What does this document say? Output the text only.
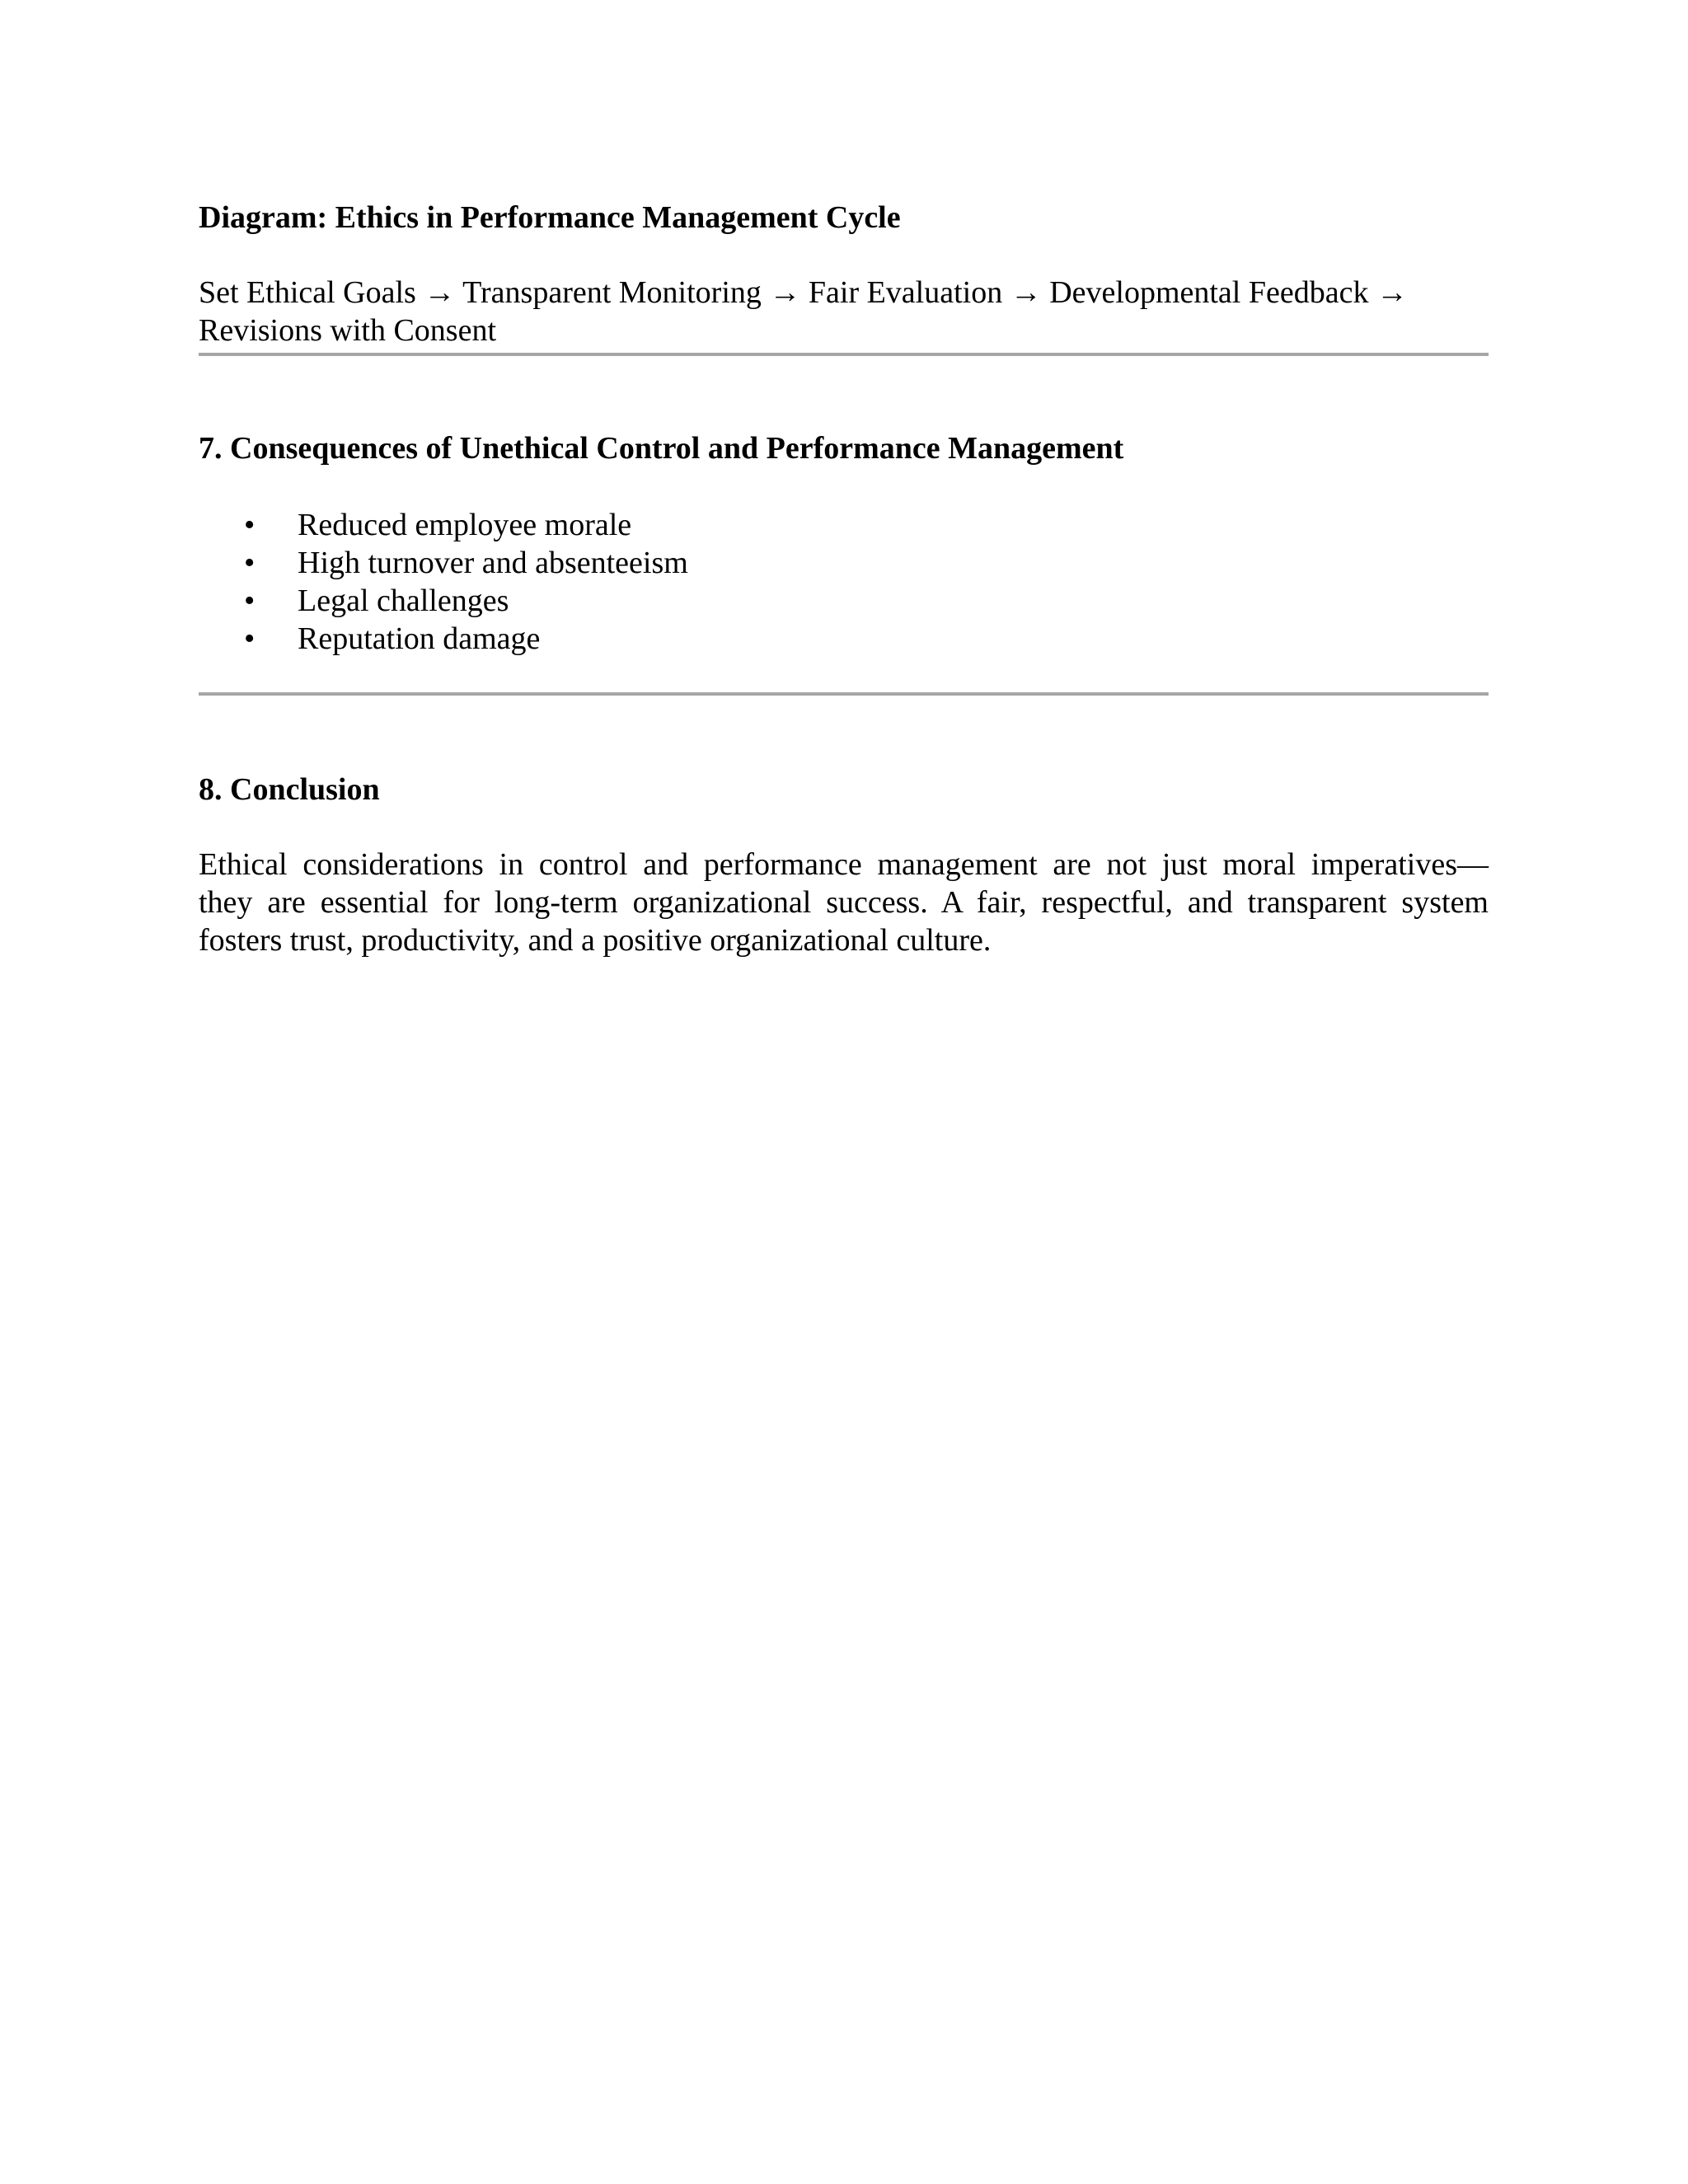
Diagram: Ethics in Performance Management Cycle

Set Ethical Goals → Transparent Monitoring → Fair Evaluation → Developmental Feedback →
Revisions with Consent

7. Consequences of Unethical Control and Performance Management
• Reduced employee morale
• High turnover and absenteeism
• Legal challenges
• Reputation damage
8. Conclusion

Ethical considerations in control and performance management are not just moral imperatives—
they are essential for long-term organizational success. A fair, respectful, and transparent system
fosters trust, productivity, and a positive organizational culture.
